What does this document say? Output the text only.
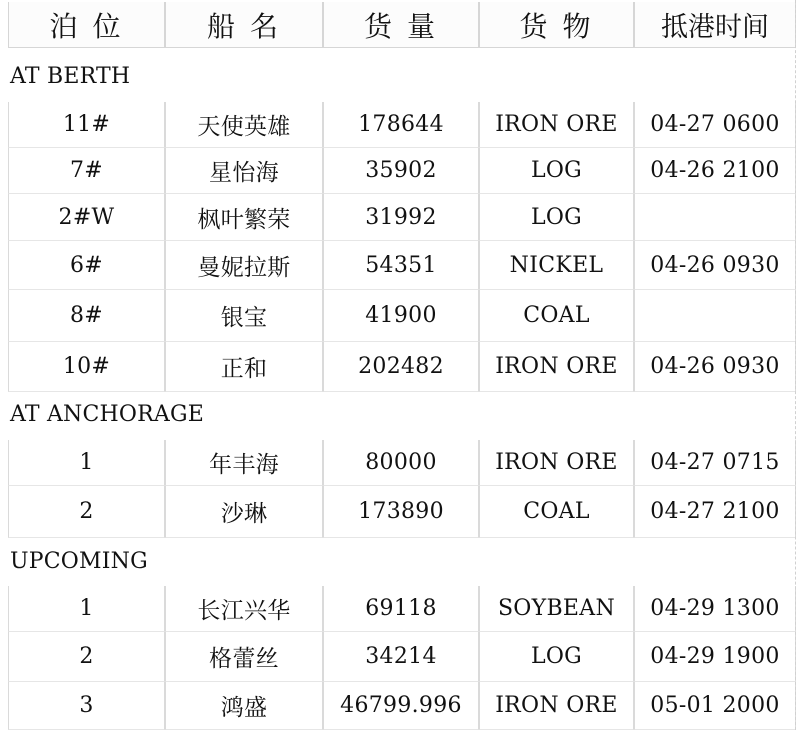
泊 位	船 名	货 量	货 物	抵港时间
AT BERTH
11#	天使英雄	178644	IRON ORE	04-27 0600
7#	星怡海	35902	LOG	04-26 2100
2#W	枫叶繁荣	31992	LOG
6#	曼妮拉斯	54351	NICKEL	04-26 0930
8#	银宝	41900	COAL
10#	正和	202482	IRON ORE	04-26 0930
AT ANCHORAGE
1	年丰海	80000	IRON ORE	04-27 0715
2	沙琳	173890	COAL	04-27 2100
UPCOMING
1	长江兴华	69118	SOYBEAN	04-29 1300
2	格蕾丝	34214	LOG	04-29 1900
3	鸿盛	46799.996	IRON ORE	05-01 2000
